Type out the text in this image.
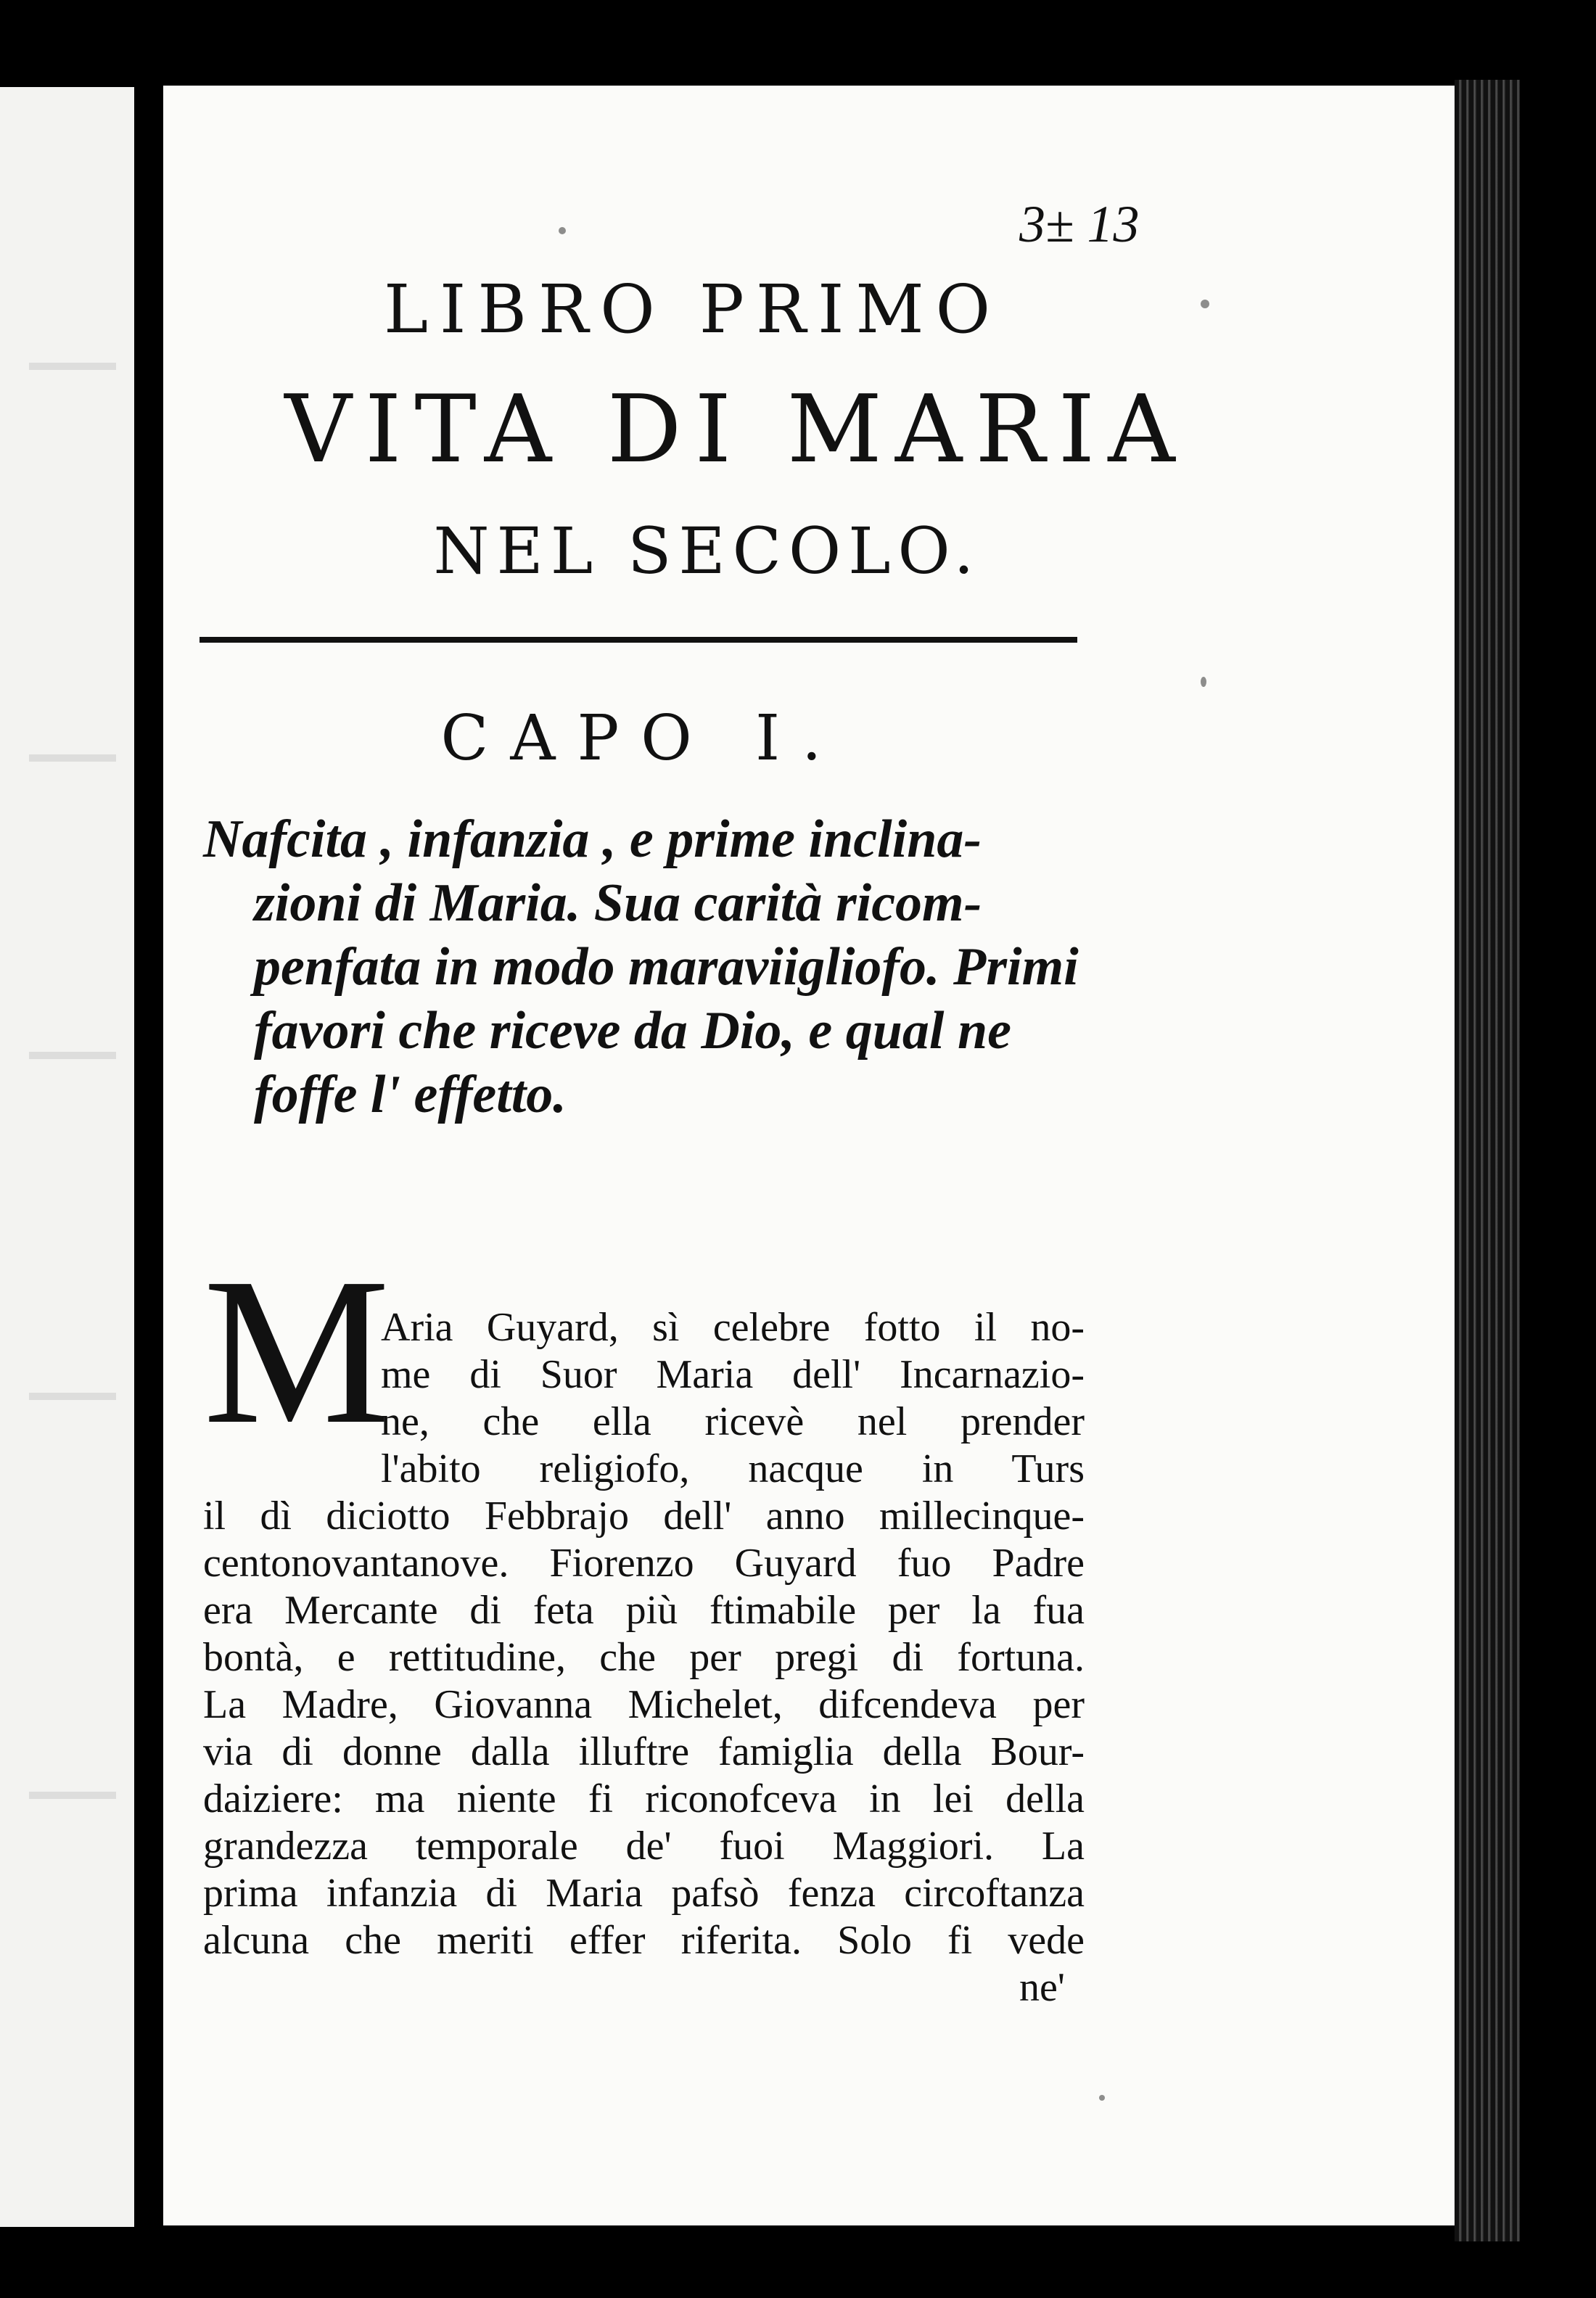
3± 13
LIBRO PRIMO
VITA DI MARIA
NEL SECOLO.
CAPO I.
Nafcita , infanzia , e prime inclina-
zioni di Maria. Sua carità ricom-
penfata in modo maraviigliofo. Primi
favori che riceve da Dio, e qual ne
foffe l' effetto.
M
Aria Guyard, sì celebre fotto il no-
me di Suor Maria dell' Incarnazio-
ne, che ella ricevè nel prender
l'abito religiofo, nacque in Turs
il dì diciotto Febbrajo dell' anno millecinque-
centonovantanove. Fiorenzo Guyard fuo Padre
era Mercante di feta più ftimabile per la fua
bontà, e rettitudine, che per pregi di fortuna.
La Madre, Giovanna Michelet, difcendeva per
via di donne dalla illuftre famiglia della Bour-
daiziere: ma niente fi riconofceva in lei della
grandezza temporale de' fuoi Maggiori. La
prima infanzia di Maria pafsò fenza circoftanza
alcuna che meriti effer riferita. Solo fi vede
ne'
